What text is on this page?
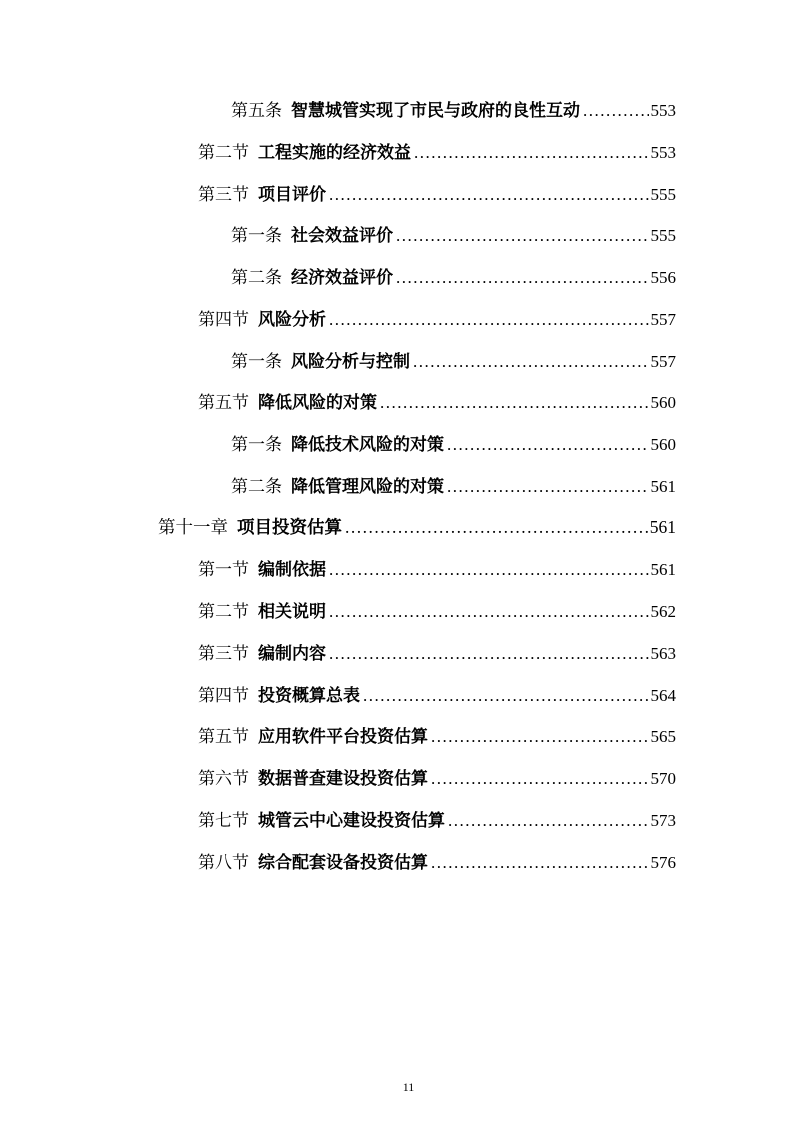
第五条 智慧城管实现了市民与政府的良性互动 .....	553
第二节 工程实施的经济效益 .....	553
第三节 项目评价 .....	555
第一条 社会效益评价 .....	555
第二条 经济效益评价 .....	556
第四节 风险分析 .....	557
第一条 风险分析与控制 .....	557
第五节 降低风险的对策 .....	560
第一条 降低技术风险的对策 .....	560
第二条 降低管理风险的对策 .....	561
第十一章 项目投资估算 .....	561
第一节 编制依据 .....	561
第二节 相关说明 .....	562
第三节 编制内容 .....	563
第四节 投资概算总表 .....	564
第五节 应用软件平台投资估算 .....	565
第六节 数据普查建设投资估算 .....	570
第七节 城管云中心建设投资估算 .....	573
第八节 综合配套设备投资估算 .....	576
11
